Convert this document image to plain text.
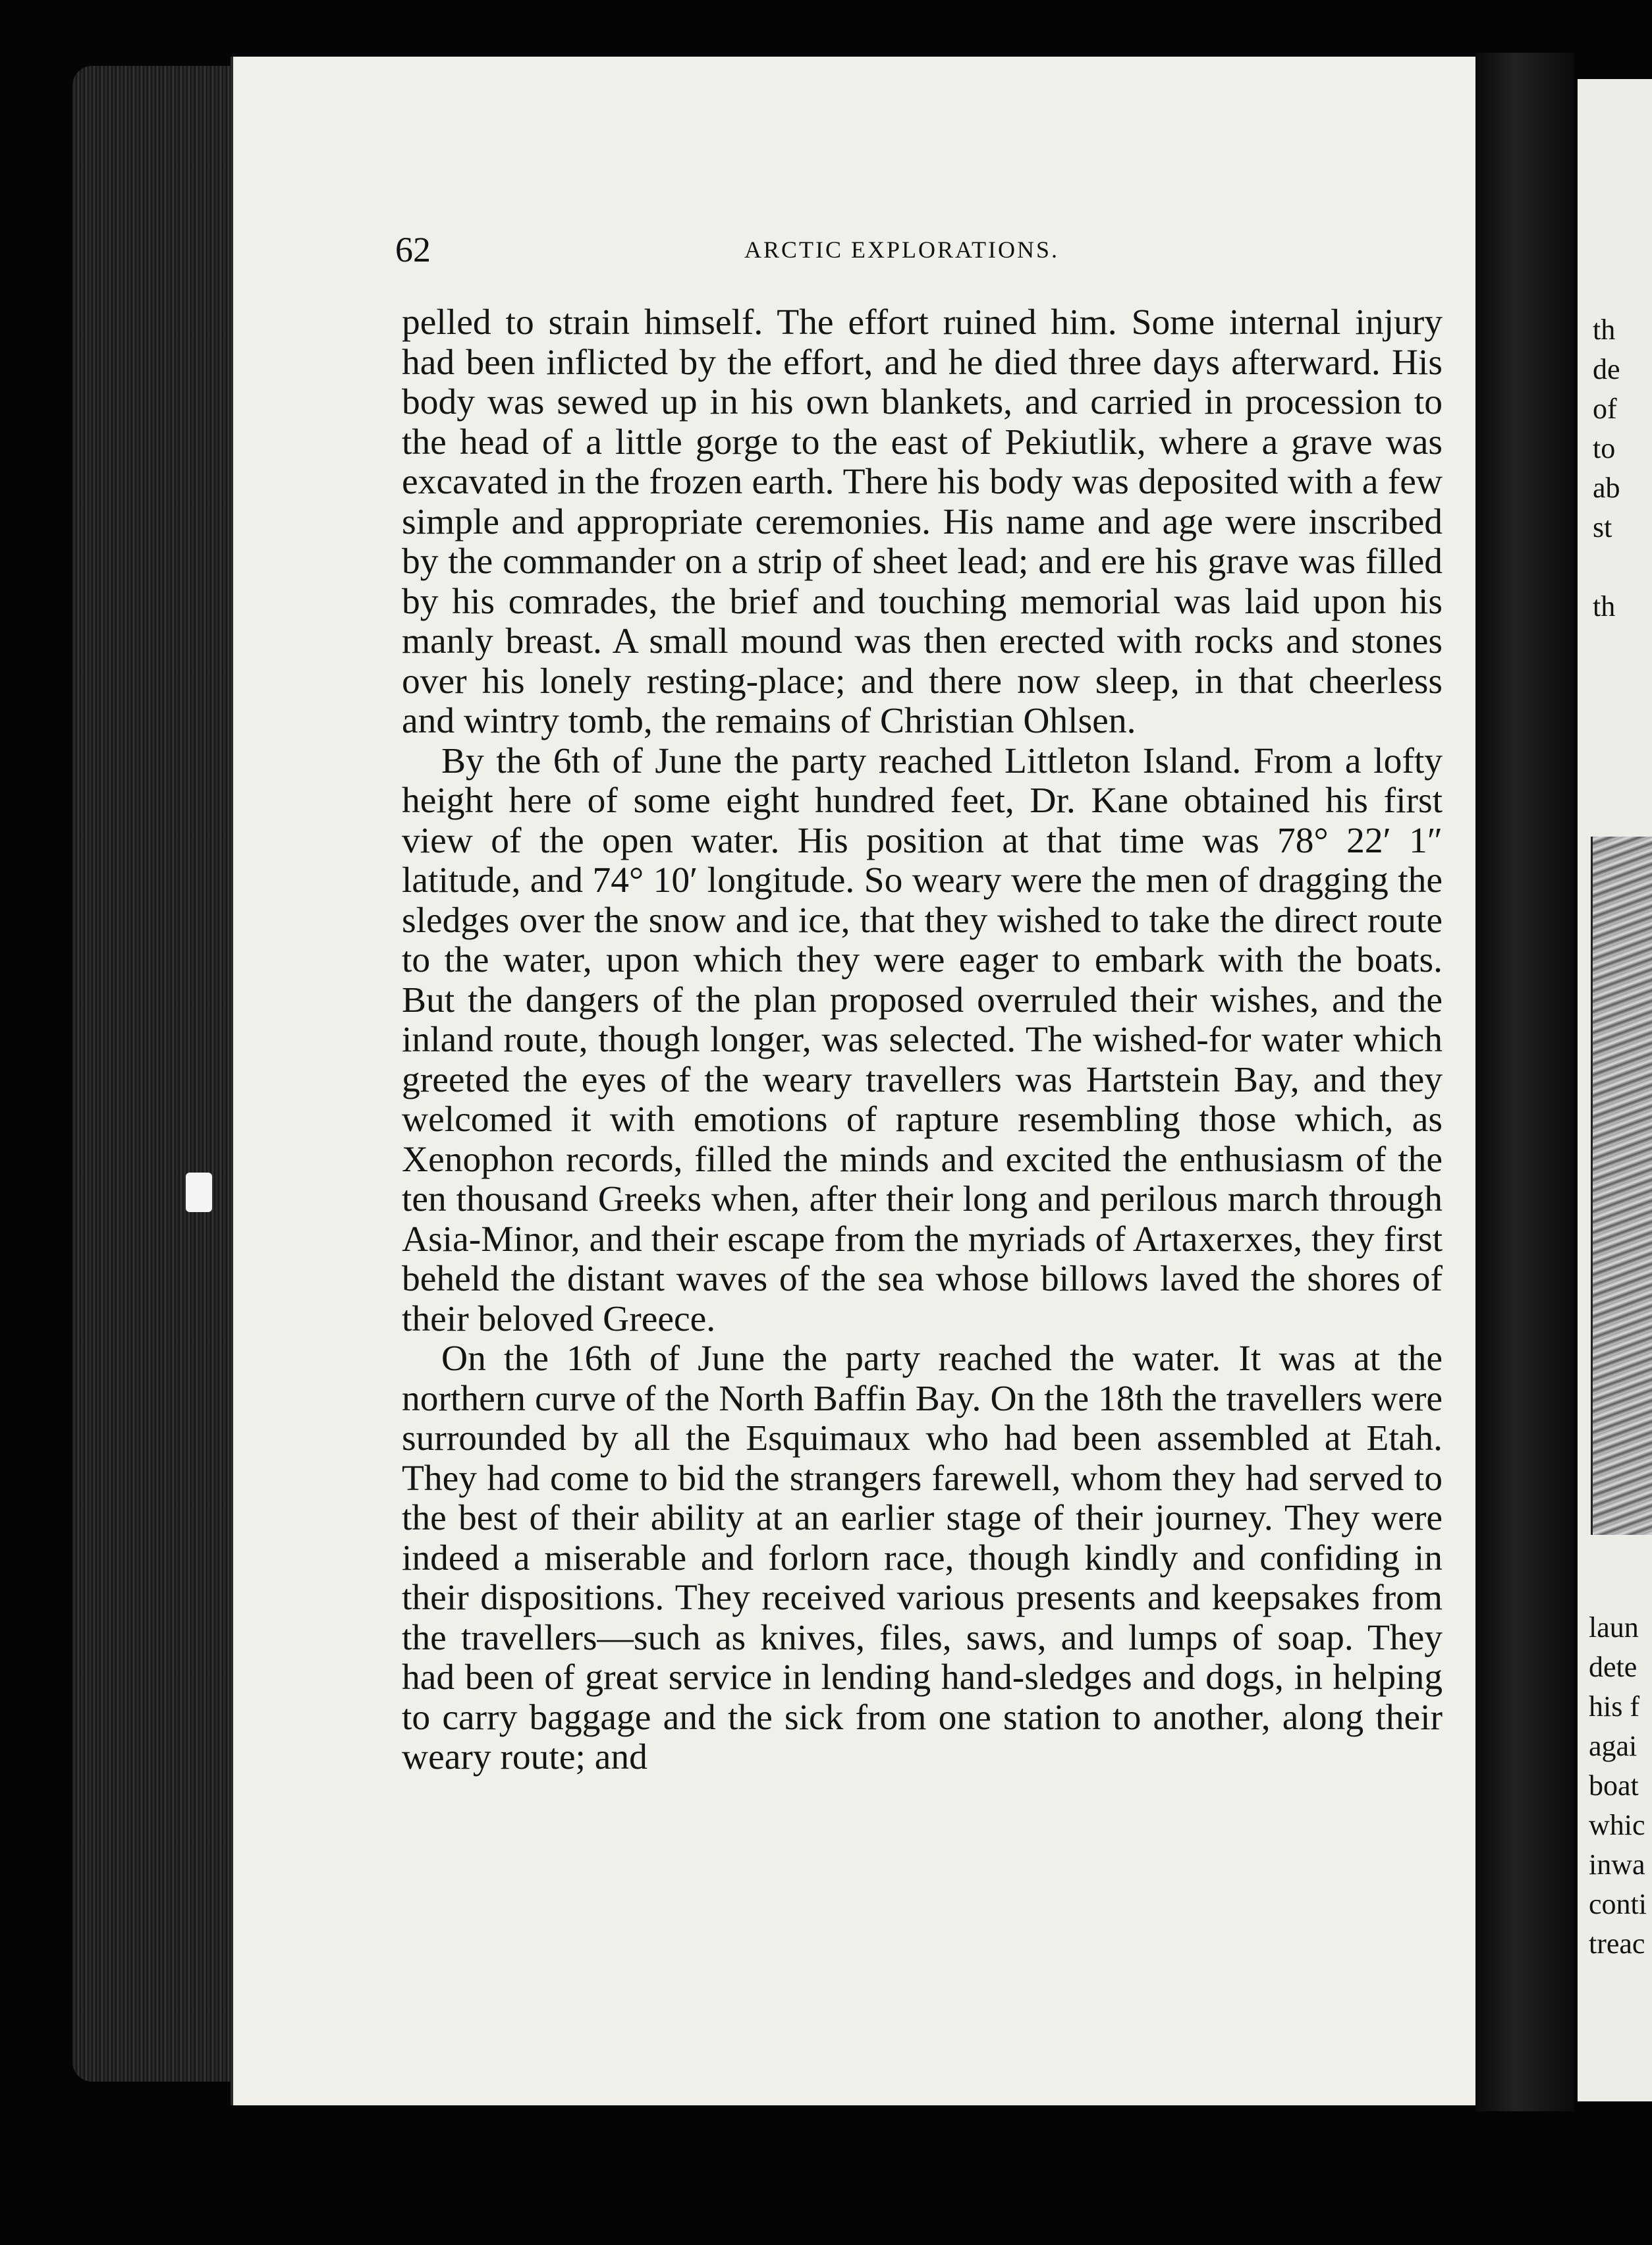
62	ARCTIC EXPLORATIONS.

pelled to strain himself. The effort ruined him. Some internal injury had been inflicted by the effort, and he died three days afterward. His body was sewed up in his own blankets, and carried in procession to the head of a little gorge to the east of Pekiutlik, where a grave was excavated in the frozen earth. There his body was deposited with a few simple and appropriate ceremonies. His name and age were inscribed by the commander on a strip of sheet lead; and ere his grave was filled by his comrades, the brief and touching memorial was laid upon his manly breast. A small mound was then erected with rocks and stones over his lonely resting-place; and there now sleep, in that cheerless and wintry tomb, the remains of Christian Ohlsen.

By the 6th of June the party reached Littleton Island. From a lofty height here of some eight hundred feet, Dr. Kane obtained his first view of the open water. His position at that time was 78° 22′ 1″ latitude, and 74° 10′ longitude. So weary were the men of dragging the sledges over the snow and ice, that they wished to take the direct route to the water, upon which they were eager to embark with the boats. But the dangers of the plan proposed overruled their wishes, and the inland route, though longer, was selected. The wished-for water which greeted the eyes of the weary travellers was Hartstein Bay, and they welcomed it with emotions of rapture resembling those which, as Xenophon records, filled the minds and excited the enthusiasm of the ten thousand Greeks when, after their long and perilous march through Asia-Minor, and their escape from the myriads of Artaxerxes, they first beheld the distant waves of the sea whose billows laved the shores of their beloved Greece.

On the 16th of June the party reached the water. It was at the northern curve of the North Baffin Bay. On the 18th the travellers were surrounded by all the Esquimaux who had been assembled at Etah. They had come to bid the strangers farewell, whom they had served to the best of their ability at an earlier stage of their journey. They were indeed a miserable and forlorn race, though kindly and confiding in their dispositions. They received various presents and keepsakes from the travellers—such as knives, files, saws, and lumps of soap. They had been of great service in lending hand-sledges and dogs, in helping to carry baggage and the sick from one station to another, along their weary route; and

th
de
of
to
ab
st
th
laun
dete
his f
agai
boat
whic
inwa
conti
treac
